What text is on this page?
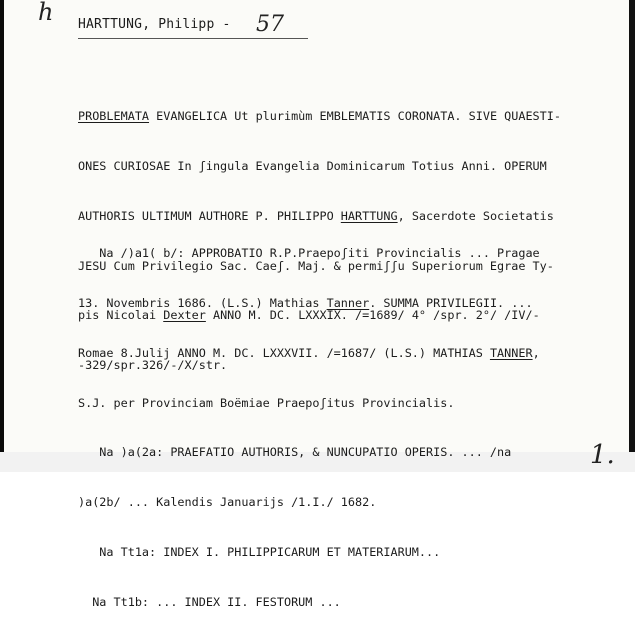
h HARTTUNG, Philipp - 57

PROBLEMATA EVANGELICA Ut plurimùm EMBLEMATIS CORONATA. SIVE QUAESTI-

ONES CURIOSAE In ʃingula Evangelia Dominicarum Totius Anni. OPERUM

AUTHORIS ULTIMUM AUTHORE P. PHILIPPO HARTTUNG, Sacerdote Societatis

JESU Cum Privilegio Sac. Caeʃ. Maj. & permiʃʃu Superiorum Egrae Ty-

pis Nicolai Dexter ANNO M. DC. LXXXIX. /=1689/ 4° /spr. 2°/ /IV/-

-329/spr.326/-/X/str.

Na /)a1( b/: APPROBATIO R.P.Praepoʃiti Provincialis ... Pragae

13. Novembris 1686. (L.S.) Mathias Tanner. SUMMA PRIVILEGII. ...

Romae 8.Julij ANNO M. DC. LXXXVII. /=1687/ (L.S.) MATHIAS TANNER,

S.J. per Provinciam Boëmiae Praepoʃitus Provincialis.

Na )a(2a: PRAEFATIO AUTHORIS, & NUNCUPATIO OPERIS. ... /na

)a(2b/ ... Kalendis Januarijs /1.I./ 1682.

Na Tt1a: INDEX I. PHILIPPICARUM ET MATERIARUM...

Na Tt1b: ... INDEX II. FESTORUM ...

1.
